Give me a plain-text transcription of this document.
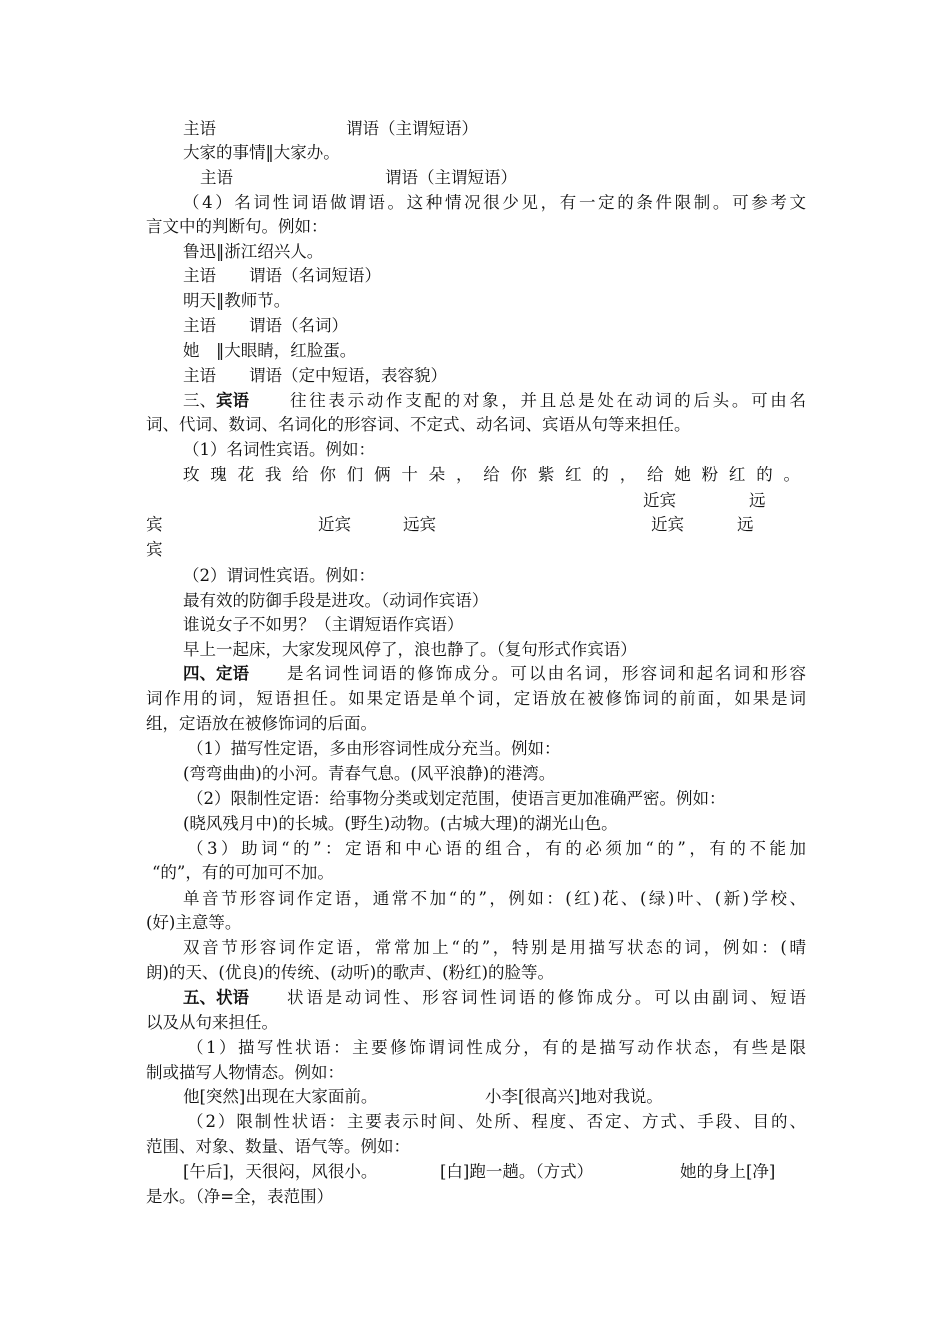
主语	谓语（主谓短语）
大家的事情‖大家办。
主语	谓语（主谓短语）
（4）名词性词语做谓语。这种情况很少见，有一定的条件限制。可参考文
言文中的判断句。例如：
鲁迅‖浙江绍兴人。
主语　　谓语（名词短语）
明天‖教师节。
主语　　谓语（名词）
她　‖大眼睛，红脸蛋。
主语　　谓语（定中短语，表容貌）
三、宾语	往往表示动作支配的对象，并且总是处在动词的后头。可由名
词、代词、数词、名词化的形容词、不定式、动名词、宾语从句等来担任。
（1）名词性宾语。例如：
玫瑰花我给你们俩十朵，给你紫红的，给她粉红的。
近宾	远
宾	近宾	远宾	近宾	远
宾
（2）谓词性宾语。例如：
最有效的防御手段是进攻。（动词作宾语）
谁说女子不如男？（主谓短语作宾语）
早上一起床，大家发现风停了，浪也静了。（复句形式作宾语）
四、定语	是名词性词语的修饰成分。可以由名词，形容词和起名词和形容
词作用的词，短语担任。如果定语是单个词，定语放在被修饰词的前面，如果是词
组，定语放在被修饰词的后面。
（1）描写性定语，多由形容词性成分充当。例如：
(弯弯曲曲)的小河。青春气息。(风平浪静)的港湾。
（2）限制性定语：给事物分类或划定范围，使语言更加准确严密。例如：
(晓风残月中)的长城。(野生)动物。(古城大理)的湖光山色。
（3）助词“的”：定语和中心语的组合，有的必须加“的”，有的不能加
“的”，有的可加可不加。
单音节形容词作定语，通常不加“的”，例如：(红)花、(绿)叶、(新)学校、
(好)主意等。
双音节形容词作定语，常常加上“的”，特别是用描写状态的词，例如：(晴
朗)的天、(优良)的传统、(动听)的歌声、(粉红)的脸等。
五、状语	状语是动词性、形容词性词语的修饰成分。可以由副词、短语
以及从句来担任。
（1）描写性状语：主要修饰谓词性成分，有的是描写动作状态，有些是限
制或描写人物情态。例如：
他[突然]出现在大家面前。	小李[很高兴]地对我说。
（2）限制性状语：主要表示时间、处所、程度、否定、方式、手段、目的、
范围、对象、数量、语气等。例如：
[午后]，天很闷，风很小。	[白]跑一趟。（方式）	她的身上[净]
是水。（净=全，表范围）
